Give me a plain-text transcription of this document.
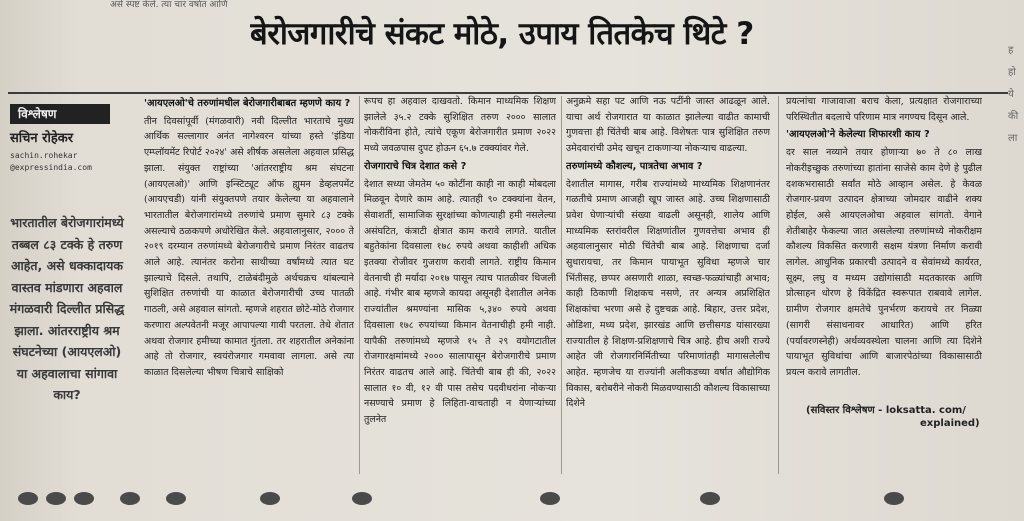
असे स्पष्ट केले. त्या चार वर्षात आणि
ह
हो
ये
की
ला
बेरोजगारीचे संकट मोठे, उपाय तितकेच थिटे ?
विश्लेषण
सचिन रोहेकर
sachin.rohekar
@expressindia.com
भारतातील बेरोजगारांमध्ये तब्बल ८३ टक्के हे तरुण आहेत, असे धक्कादायक वास्तव मांडणारा अहवाल मंगळवारी दिल्लीत प्रसिद्ध झाला. आंतरराष्ट्रीय श्रम संघटनेच्या (आयएलओ) या अहवालाचा सांगावा काय?

'आयएलओ'चे तरुणांमधील बेरोजगारीबाबत म्हणणे काय ?

तीन दिवसांपूर्वी (मंगळवारी) नवी दिल्लीत भारताचे मुख्य आर्थिक सल्लागार अनंत नागेश्वरन यांच्या हस्ते 'इंडिया एम्प्लॉयमेंट रिपोर्ट २०२४' असे शीर्षक असलेला अहवाल प्रसिद्ध झाला. संयुक्त राष्ट्रांच्या 'आंतरराष्ट्रीय श्रम संघटना (आयएलओ)' आणि इन्स्टिट्यूट ऑफ ह्युमन डेव्हलपमेंट (आयएचडी) यांनी संयुक्तपणे तयार केलेल्या या अहवालाने भारतातील बेरोजगारांमध्ये तरुणांचे प्रमाण सुमारे ८३ टक्के असल्याचे ठळकपणे अधोरेखित केले. अहवालानुसार, २००० ते २०१९ दरम्यान तरुणांमध्ये बेरोजगारीचे प्रमाण निरंतर वाढतच आले आहे. त्यानंतर करोना साथीच्या वर्षांमध्ये त्यात घट झाल्याचे दिसले. तथापि, टाळेबंदीमुळे अर्थचक्रच थांबल्याने सुशिक्षित तरुणांची या काळात बेरोजगारीची उच्च पातळी गाठली, असे अहवाल सांगतो. म्हणजे शहरात छोटे-मोठे रोजगार करणारा अल्पवेतनी मजूर आपापल्या गावी परतला. तेथे शेतात अथवा रोजगार हमीच्या कामात गुंतला. तर शहरातील अनेकांना आहे तो रोजगार, स्वयंरोजगार गमवावा लागला. असे त्या काळात दिसलेल्या भीषण चित्राचे साक्षिको

रूपच हा अहवाल दाखवतो. किमान माध्यमिक शिक्षण झालेले ३५.२ टक्के सुशिक्षित तरुण २००० सालात नोकरीविना होते, त्यांचे एकूण बेरोजगारीत प्रमाण २०२२ मध्ये जवळपास दुपट होऊन ६५.७ टक्क्यांवर गेले.

रोजगाराचे चित्र देशात कसे ?

देशात सध्या जेमतेम ५० कोटींना काही ना काही मोबदला मिळवून देणारे काम आहे. त्यातही ९० टक्क्यांना वेतन, सेवाशर्ती, सामाजिक सुरक्षांच्या कोणत्याही हमी नसलेल्या असंघटित, कंत्राटी क्षेत्रात काम करावे लागते. यातील बहुतेकांना दिवसाला १७८ रुपये अथवा काहीशी अधिक इतक्या रोजीवर गुजराण करावी लागते. राष्ट्रीय किमान वेतनाची ही मर्यादा २०१७ पासून त्याच पातळीवर थिजली आहे. गंभीर बाब म्हणजे कायदा असूनही देशातील अनेक राज्यांतील श्रमण्यांना मासिक ५,३४० रुपये अथवा दिवसाला १७८ रुपयांच्या किमान वेतनाचीही हमी नाही. यापैकी तरुणांमध्ये म्हणजे १५ ते २९ वयोगटातील रोजगारक्षमांमध्ये २००० सालापासून बेरोजगारीचे प्रमाण निरंतर वाढतच आले आहे. चिंतेची बाब ही की, २०२२ सालात १० वी, १२ वी पास तसेच पदवीधरांना नोकऱ्या नसण्याचे प्रमाण हे लिहिता-वाचताही न येणाऱ्यांच्या तुलनेत

अनुक्रमे सहा पट आणि नऊ पटींनी जास्त आढळून आले. याचा अर्थ रोजगारात या काळात झालेल्या वाढीत कामाची गुणवत्ता ही चिंतेची बाब आहे. विशेषतः पात्र सुशिक्षित तरुण उमेदवारांची उमेद खचून टाकणाऱ्या नोकऱ्याच वाढल्या.

तरुणांमध्ये कौशल्य, पात्रतेचा अभाव ?

देशातील मागास, गरीब राज्यांमध्ये माध्यमिक शिक्षणानंतर गळतीचे प्रमाण आजही खूप जास्त आहे. उच्च शिक्षणासाठी प्रवेश घेणाऱ्यांची संख्या वाढली असूनही, शालेय आणि माध्यमिक स्तरांवरील शिक्षणांतील गुणवत्तेचा अभाव ही अहवालानुसार मोठी चिंतेची बाब आहे. शिक्षणाचा दर्जा सुधारायचा, तर किमान पायाभूत सुविधा म्हणजे चार भिंतीसह, छप्पर असणारी शाळा, स्वच्छ-फळ्यांचाही अभाव; काही ठिकाणी शिक्षकच नसणे, तर अन्यत्र अप्रशिक्षित शिक्षकांचा भरणा असे हे दुष्टचक्र आहे. बिहार, उत्तर प्रदेश, ओडिशा, मध्य प्रदेश, झारखंड आणि छत्तीसगड यांसारख्या राज्यातील हे शिक्षण-प्रशिक्षणाचे चित्र आहे. हीच अशी राज्ये आहेत जी रोजगारनिर्मितीच्या परिमाणांतही मागासलेलीच आहेत. म्हणजेच या राज्यांनी अलीकडच्या वर्षात औद्योगिक विकास, बरोबरीने नोकरी मिळवण्यासाठी कौशल्य विकासाच्या दिशेने

प्रयत्नांचा गाजावाजा बराच केला, प्रत्यक्षात रोजगाराच्या परिस्थितीत बदलाचे परिणाम मात्र नगण्यच दिसून आले.

'आयएलओ'ने केलेल्या शिफारशी काय ?

दर साल नव्याने तयार होणाऱ्या ७० ते ८० लाख नोकरीइच्छुक तरुणांच्या हातांना साजेसे काम देणे हे पुढील दशकभरासाठी सर्वांत मोठे आव्हान असेल. हे केवळ रोजगार-प्रवण उत्पादन क्षेत्राच्या जोमदार वाढीने शक्य होईल, असे आयएलओचा अहवाल सांगतो. वेगाने शेतीबाहेर फेकल्या जात असलेल्या तरुणांमध्ये नोकरीक्षम कौशल्य विकसित करणारी सक्षम यंत्रणा निर्माण करावी लागेल. आधुनिक प्रकारची उत्पादने व सेवांमध्ये कार्यरत, सूक्ष्म, लघु व मध्यम उद्योगांसाठी मदतकारक आणि प्रोत्साहन धोरण हे विकेंद्रित स्वरूपात राबवावे लागेल. ग्रामीण रोजगार क्षमतेचे पुनर्भरण करायचे तर निळ्या (सागरी संसाधनावर आधारित) आणि हरित (पर्यावरणस्नेही) अर्थव्यवस्थेला चालना आणि त्या दिशेने पायाभूत सुविधांचा आणि बाजारपेठांच्या विकासासाठी प्रयत्न करावे लागतील.

(सविस्तर विश्लेषण - loksatta. com/
explained)
